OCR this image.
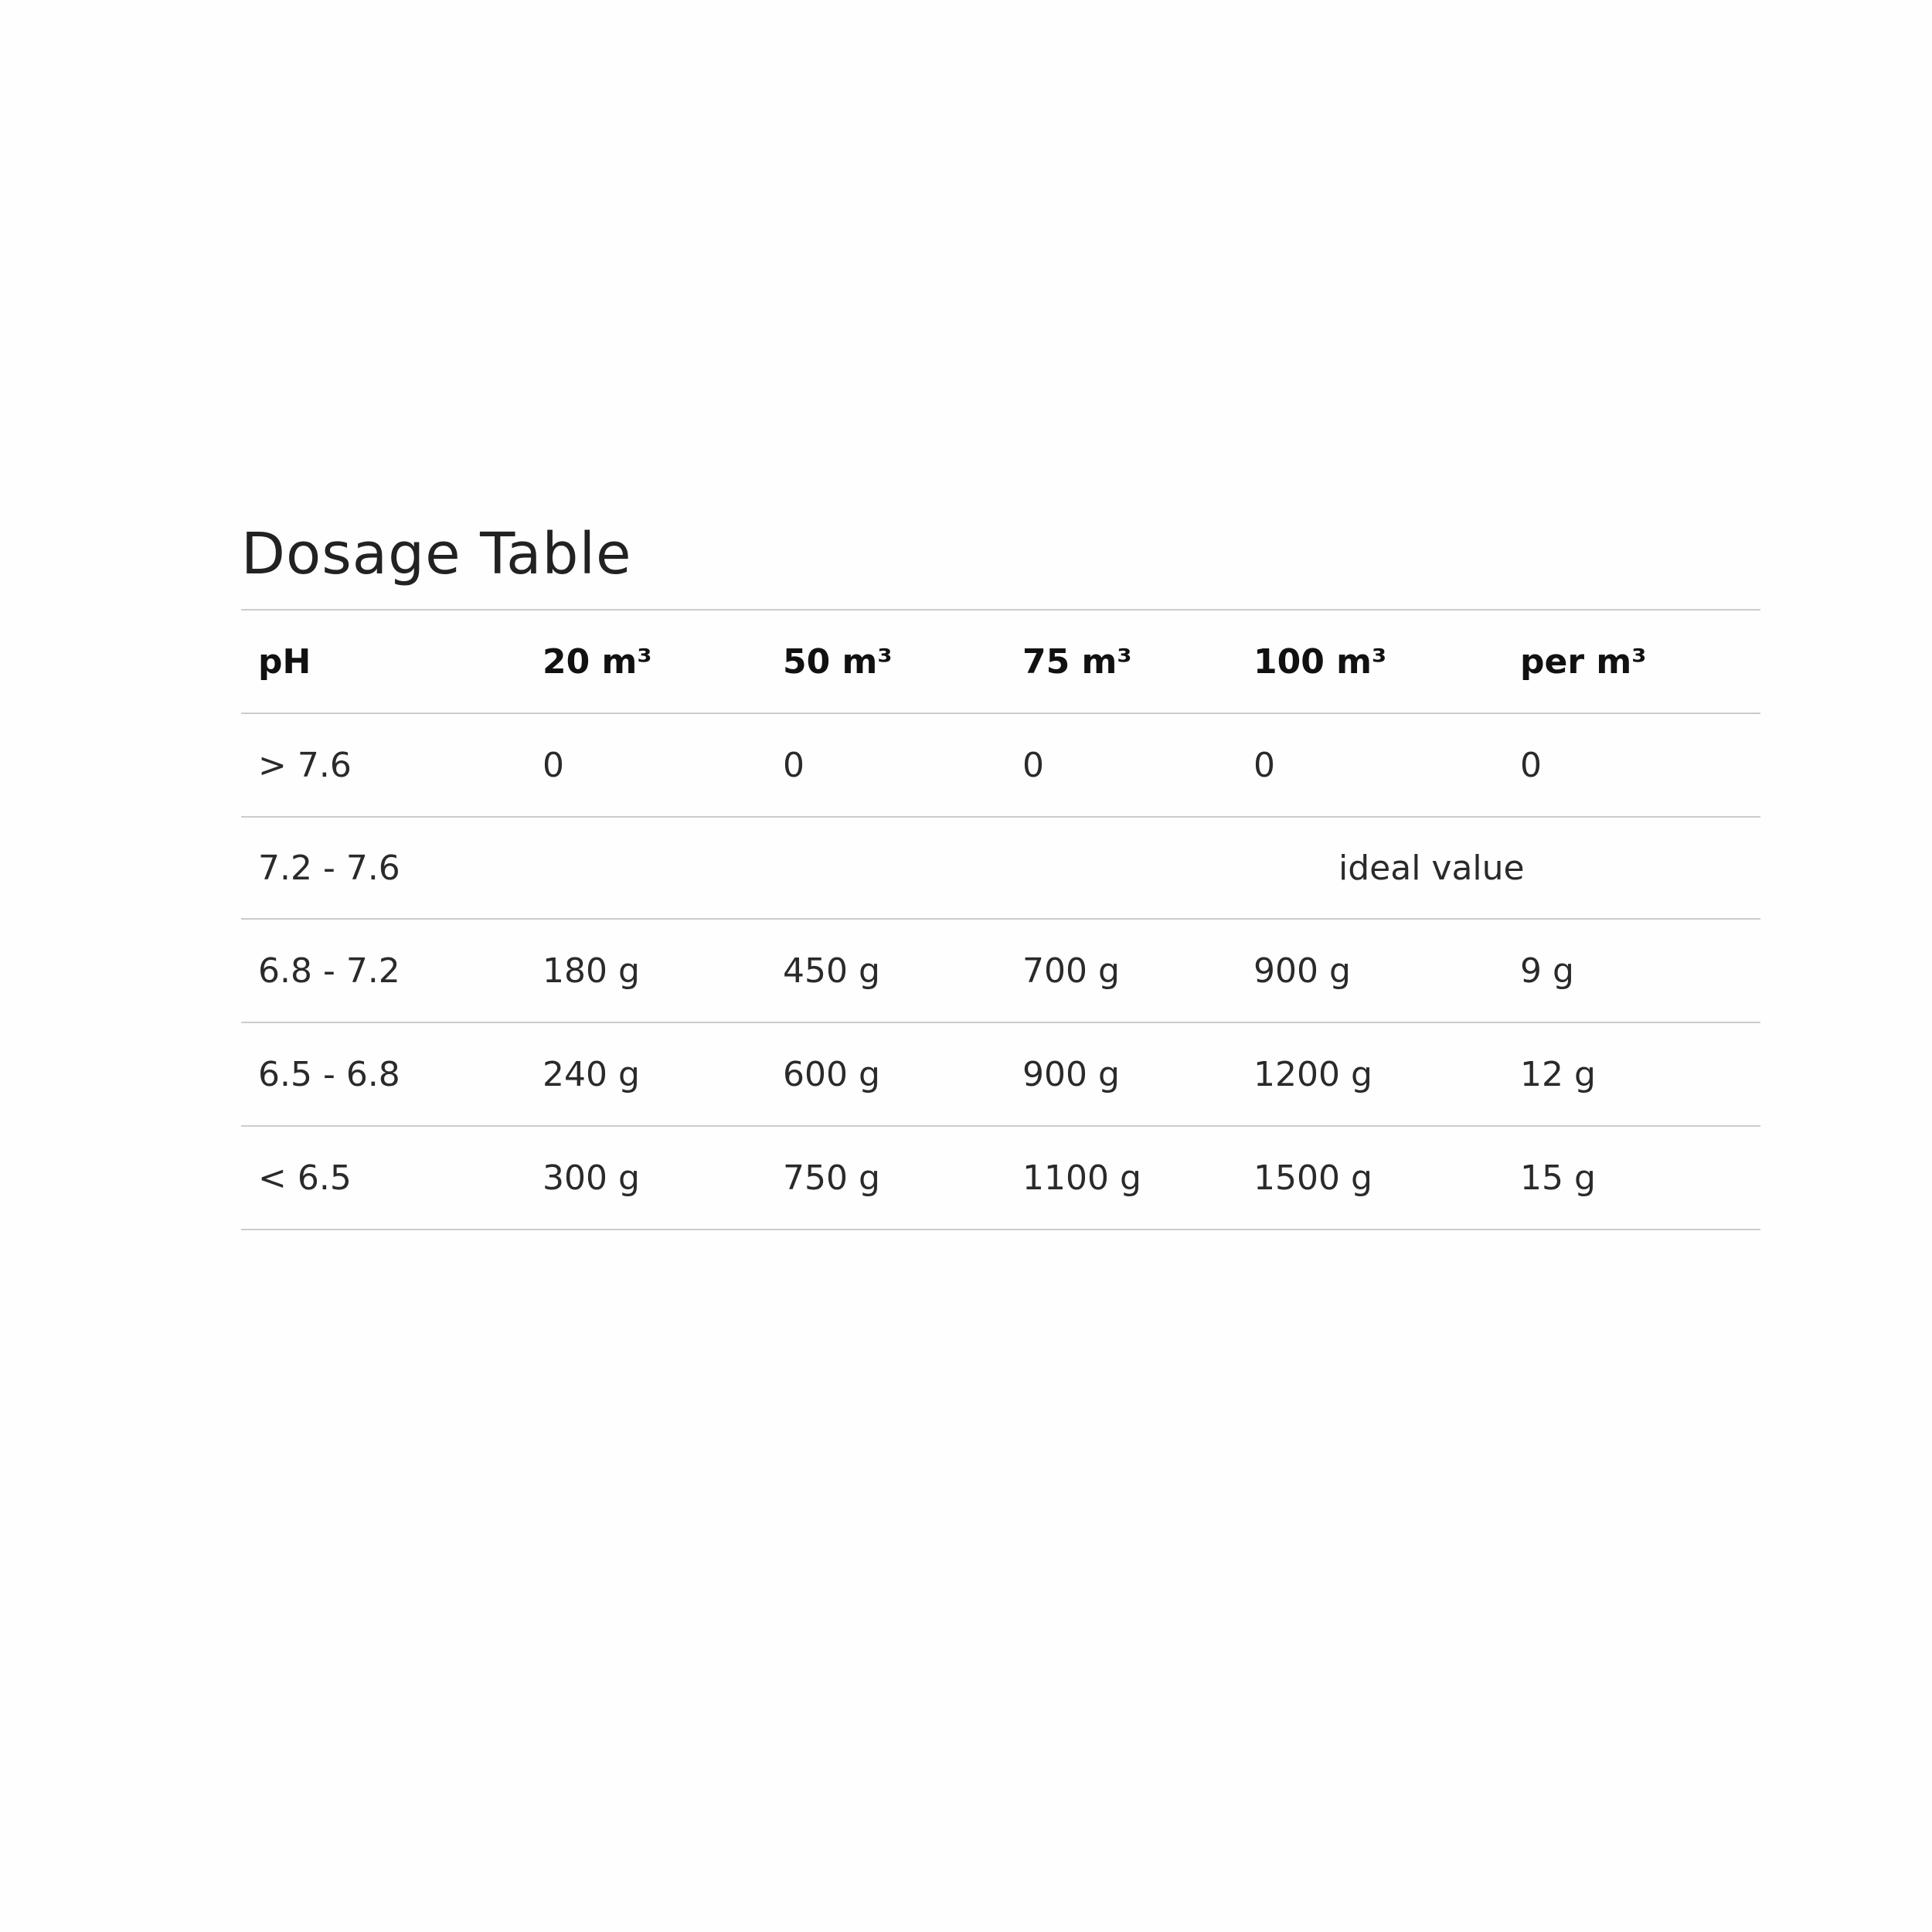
Dosage Table
pH	20 m³	50 m³	75 m³	100 m³	per m³
> 7.6	0	0	0	0	0
7.2 - 7.6	ideal value				
6.8 - 7.2	180 g	450 g	700 g	900 g	9 g
6.5 - 6.8	240 g	600 g	900 g	1200 g	12 g
< 6.5	300 g	750 g	1100 g	1500 g	15 g
